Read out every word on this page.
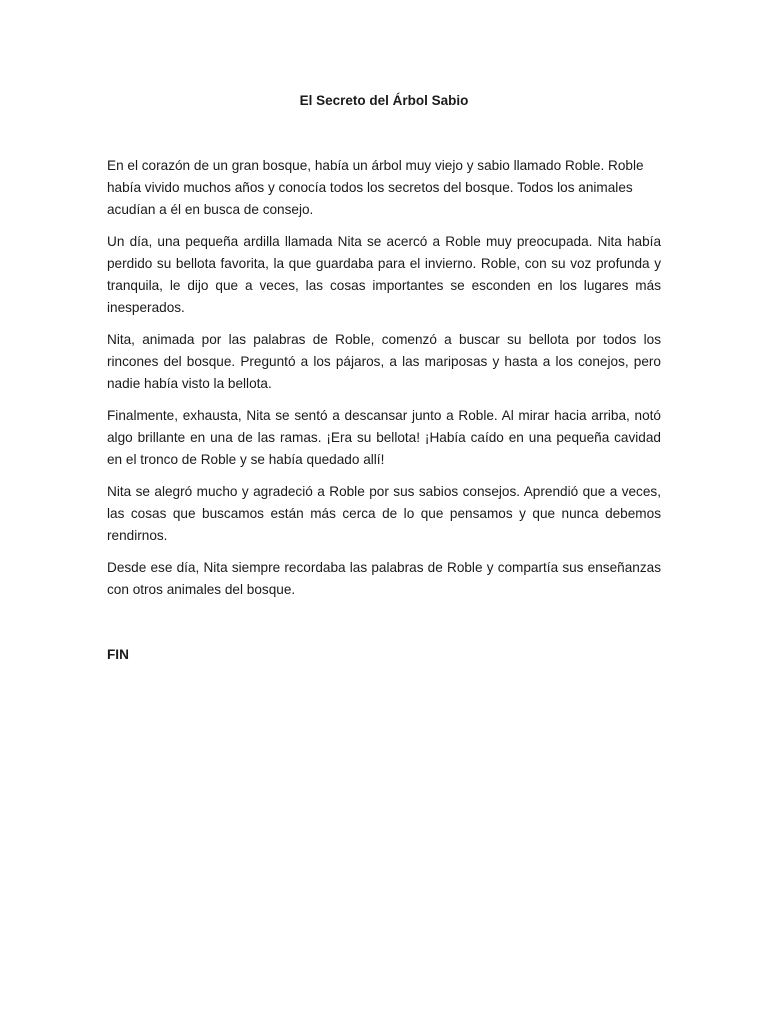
El Secreto del Árbol Sabio

En el corazón de un gran bosque, había un árbol muy viejo y sabio llamado Roble. Roble había vivido muchos años y conocía todos los secretos del bosque. Todos los animales acudían a él en busca de consejo.

Un día, una pequeña ardilla llamada Nita se acercó a Roble muy preocupada. Nita había perdido su bellota favorita, la que guardaba para el invierno. Roble, con su voz profunda y tranquila, le dijo que a veces, las cosas importantes se esconden en los lugares más inesperados.

Nita, animada por las palabras de Roble, comenzó a buscar su bellota por todos los rincones del bosque. Preguntó a los pájaros, a las mariposas y hasta a los conejos, pero nadie había visto la bellota.

Finalmente, exhausta, Nita se sentó a descansar junto a Roble. Al mirar hacia arriba, notó algo brillante en una de las ramas. ¡Era su bellota! ¡Había caído en una pequeña cavidad en el tronco de Roble y se había quedado allí!

Nita se alegró mucho y agradeció a Roble por sus sabios consejos. Aprendió que a veces, las cosas que buscamos están más cerca de lo que pensamos y que nunca debemos rendirnos.

Desde ese día, Nita siempre recordaba las palabras de Roble y compartía sus enseñanzas con otros animales del bosque.

FIN
